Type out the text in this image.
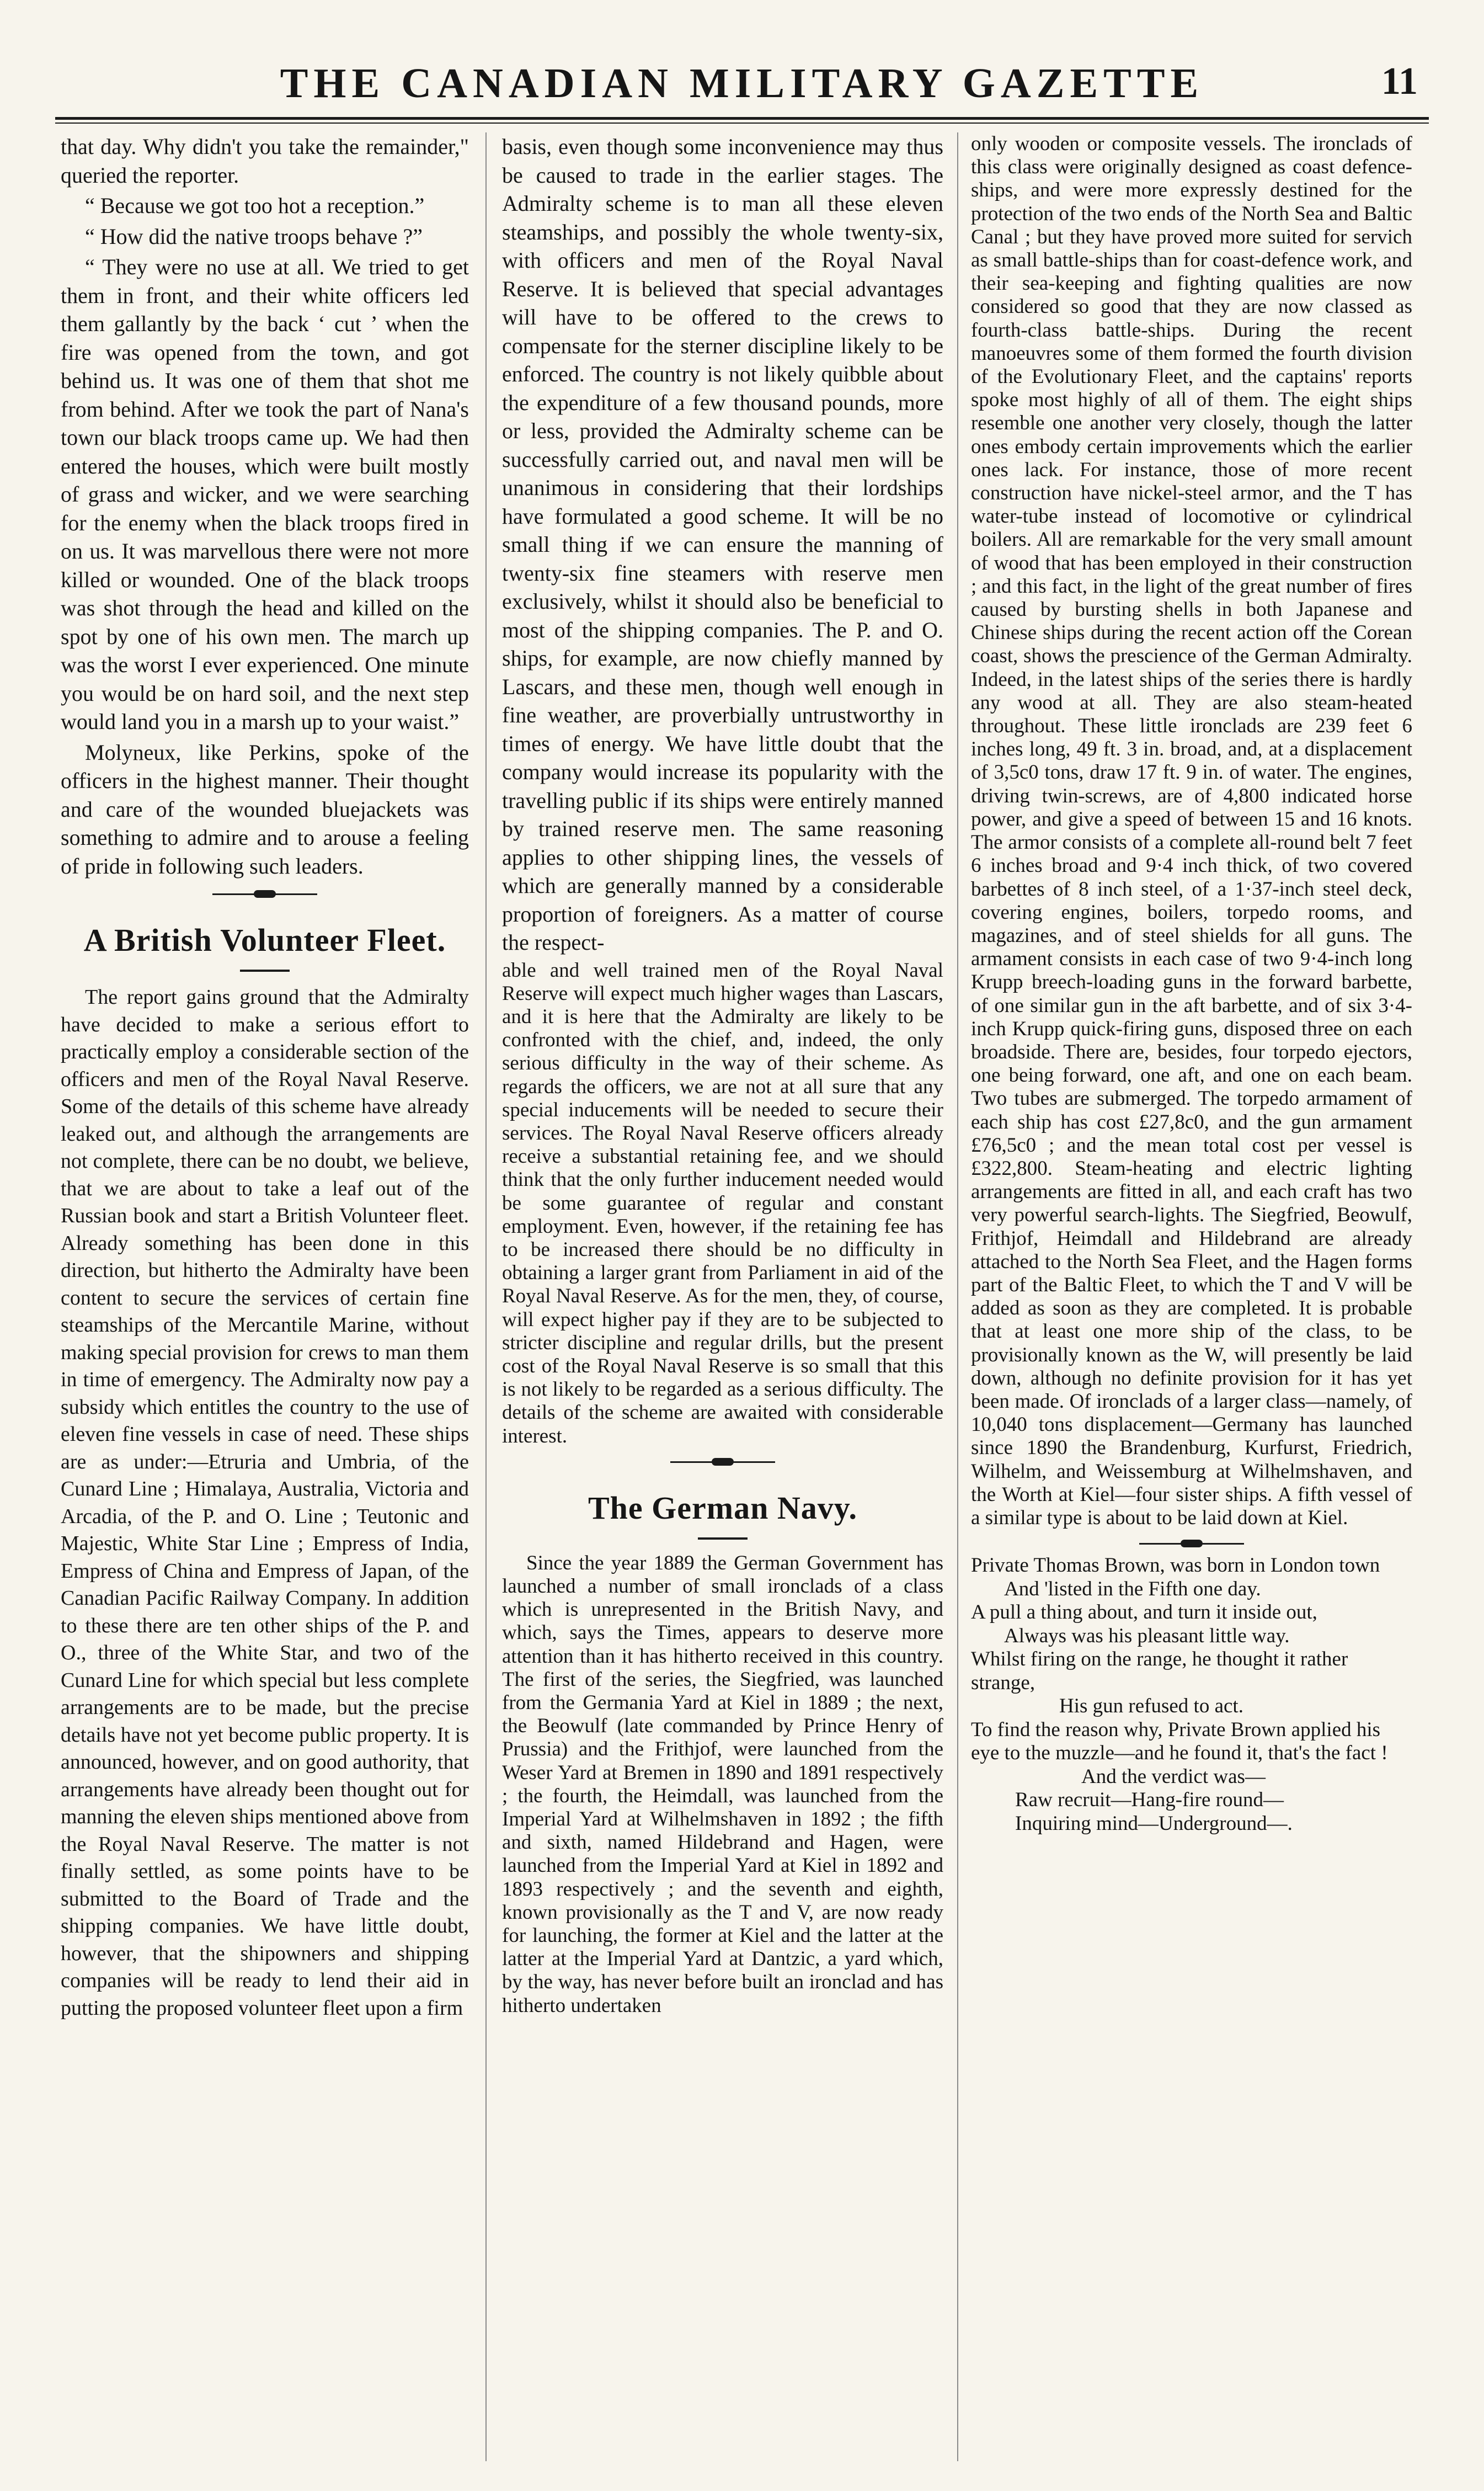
THE CANADIAN MILITARY GAZETTE	11

that day. Why didn't you take the remainder," queried the reporter.

“ Because we got too hot a reception.”

“ How did the native troops behave ?”

“ They were no use at all. We tried to get them in front, and their white officers led them gallantly by the back ‘ cut ’ when the fire was opened from the town, and got behind us. It was one of them that shot me from behind. After we took the part of Nana's town our black troops came up. We had then entered the houses, which were built mostly of grass and wicker, and we were searching for the enemy when the black troops fired in on us. It was marvellous there were not more killed or wounded. One of the black troops was shot through the head and killed on the spot by one of his own men. The march up was the worst I ever experienced. One minute you would be on hard soil, and the next step would land you in a marsh up to your waist.”

Molyneux, like Perkins, spoke of the officers in the highest manner. Their thought and care of the wounded bluejackets was something to admire and to arouse a feeling of pride in following such leaders.

A British Volunteer Fleet.

The report gains ground that the Admiralty have decided to make a serious effort to practically employ a considerable section of the officers and men of the Royal Naval Reserve. Some of the details of this scheme have already leaked out, and although the arrangements are not complete, there can be no doubt, we believe, that we are about to take a leaf out of the Russian book and start a British Volunteer fleet. Already something has been done in this direction, but hitherto the Admiralty have been content to secure the services of certain fine steamships of the Mercantile Marine, without making special provision for crews to man them in time of emergency. The Admiralty now pay a subsidy which entitles the country to the use of eleven fine vessels in case of need. These ships are as under:—Etruria and Umbria, of the Cunard Line ; Himalaya, Australia, Victoria and Arcadia, of the P. and O. Line ; Teutonic and Majestic, White Star Line ; Empress of India, Empress of China and Empress of Japan, of the Canadian Pacific Railway Company. In addition to these there are ten other ships of the P. and O., three of the White Star, and two of the Cunard Line for which special but less complete arrangements are to be made, but the precise details have not yet become public property. It is announced, however, and on good authority, that arrangements have already been thought out for manning the eleven ships mentioned above from the Royal Naval Reserve. The matter is not finally settled, as some points have to be submitted to the Board of Trade and the shipping companies. We have little doubt, however, that the shipowners and shipping companies will be ready to lend their aid in putting the proposed volunteer fleet upon a firm

basis, even though some inconvenience may thus be caused to trade in the earlier stages. The Admiralty scheme is to man all these eleven steamships, and possibly the whole twenty-six, with officers and men of the Royal Naval Reserve. It is believed that special advantages will have to be offered to the crews to compensate for the sterner discipline likely to be enforced. The country is not likely quibble about the expenditure of a few thousand pounds, more or less, provided the Admiralty scheme can be successfully carried out, and naval men will be unanimous in considering that their lordships have formulated a good scheme. It will be no small thing if we can ensure the manning of twenty-six fine steamers with reserve men exclusively, whilst it should also be beneficial to most of the shipping companies. The P. and O. ships, for example, are now chiefly manned by Lascars, and these men, though well enough in fine weather, are proverbially untrustworthy in times of energy. We have little doubt that the company would increase its popularity with the travelling public if its ships were entirely manned by trained reserve men. The same reasoning applies to other shipping lines, the vessels of which are generally manned by a considerable proportion of foreigners. As a matter of course the respect-

able and well trained men of the Royal Naval Reserve will expect much higher wages than Lascars, and it is here that the Admiralty are likely to be confronted with the chief, and, indeed, the only serious difficulty in the way of their scheme. As regards the officers, we are not at all sure that any special inducements will be needed to secure their services. The Royal Naval Reserve officers already receive a substantial retaining fee, and we should think that the only further inducement needed would be some guarantee of regular and constant employment. Even, however, if the retaining fee has to be increased there should be no difficulty in obtaining a larger grant from Parliament in aid of the Royal Naval Reserve. As for the men, they, of course, will expect higher pay if they are to be subjected to stricter discipline and regular drills, but the present cost of the Royal Naval Reserve is so small that this is not likely to be regarded as a serious difficulty. The details of the scheme are awaited with considerable interest.

The German Navy.

Since the year 1889 the German Government has launched a number of small ironclads of a class which is unrepresented in the British Navy, and which, says the Times, appears to deserve more attention than it has hitherto received in this country. The first of the series, the Siegfried, was launched from the Germania Yard at Kiel in 1889 ; the next, the Beowulf (late commanded by Prince Henry of Prussia) and the Frithjof, were launched from the Weser Yard at Bremen in 1890 and 1891 respectively ; the fourth, the Heimdall, was launched from the Imperial Yard at Wilhelmshaven in 1892 ; the fifth and sixth, named Hildebrand and Hagen, were launched from the Imperial Yard at Kiel in 1892 and 1893 respectively ; and the seventh and eighth, known provisionally as the T and V, are now ready for launching, the former at Kiel and the latter at the latter at the Imperial Yard at Dantzic, a yard which, by the way, has never before built an ironclad and has hitherto undertaken

only wooden or composite vessels. The ironclads of this class were originally designed as coast defence-ships, and were more expressly destined for the protection of the two ends of the North Sea and Baltic Canal ; but they have proved more suited for servich as small battle-ships than for coast-defence work, and their sea-keeping and fighting qualities are now considered so good that they are now classed as fourth-class battle-ships. During the recent manoeuvres some of them formed the fourth division of the Evolutionary Fleet, and the captains' reports spoke most highly of all of them. The eight ships resemble one another very closely, though the latter ones embody certain improvements which the earlier ones lack. For instance, those of more recent construction have nickel-steel armor, and the T has water-tube instead of locomotive or cylindrical boilers. All are remarkable for the very small amount of wood that has been employed in their construction ; and this fact, in the light of the great number of fires caused by bursting shells in both Japanese and Chinese ships during the recent action off the Corean coast, shows the prescience of the German Admiralty. Indeed, in the latest ships of the series there is hardly any wood at all. They are also steam-heated throughout. These little ironclads are 239 feet 6 inches long, 49 ft. 3 in. broad, and, at a displacement of 3,5c0 tons, draw 17 ft. 9 in. of water. The engines, driving twin-screws, are of 4,800 indicated horse power, and give a speed of between 15 and 16 knots. The armor consists of a complete all-round belt 7 feet 6 inches broad and 9·4 inch thick, of two covered barbettes of 8 inch steel, of a 1·37-inch steel deck, covering engines, boilers, torpedo rooms, and magazines, and of steel shields for all guns. The armament consists in each case of two 9·4-inch long Krupp breech-loading guns in the forward barbette, of one similar gun in the aft barbette, and of six 3·4-inch Krupp quick-firing guns, disposed three on each broadside. There are, besides, four torpedo ejectors, one being forward, one aft, and one on each beam. Two tubes are submerged. The torpedo armament of each ship has cost £27,8c0, and the gun armament £76,5c0 ; and the mean total cost per vessel is £322,800. Steam-heating and electric lighting arrangements are fitted in all, and each craft has two very powerful search-lights. The Siegfried, Beowulf, Frithjof, Heimdall and Hildebrand are already attached to the North Sea Fleet, and the Hagen forms part of the Baltic Fleet, to which the T and V will be added as soon as they are completed. It is probable that at least one more ship of the class, to be provisionally known as the W, will presently be laid down, although no definite provision for it has yet been made. Of ironclads of a larger class—namely, of 10,040 tons displacement—Germany has launched since 1890 the Brandenburg, Kurfurst, Friedrich, Wilhelm, and Weissemburg at Wilhelmshaven, and the Worth at Kiel—four sister ships. A fifth vessel of a similar type is about to be laid down at Kiel.

Private Thomas Brown, was born in London town
And 'listed in the Fifth one day.
A pull a thing about, and turn it inside out,
Always was his pleasant little way.
Whilst firing on the range, he thought it rather strange,
His gun refused to act.
To find the reason why, Private Brown applied his eye to the muzzle—and he found it, that's the fact !
And the verdict was—
Raw recruit—Hang-fire round—
Inquiring mind—Underground—.
